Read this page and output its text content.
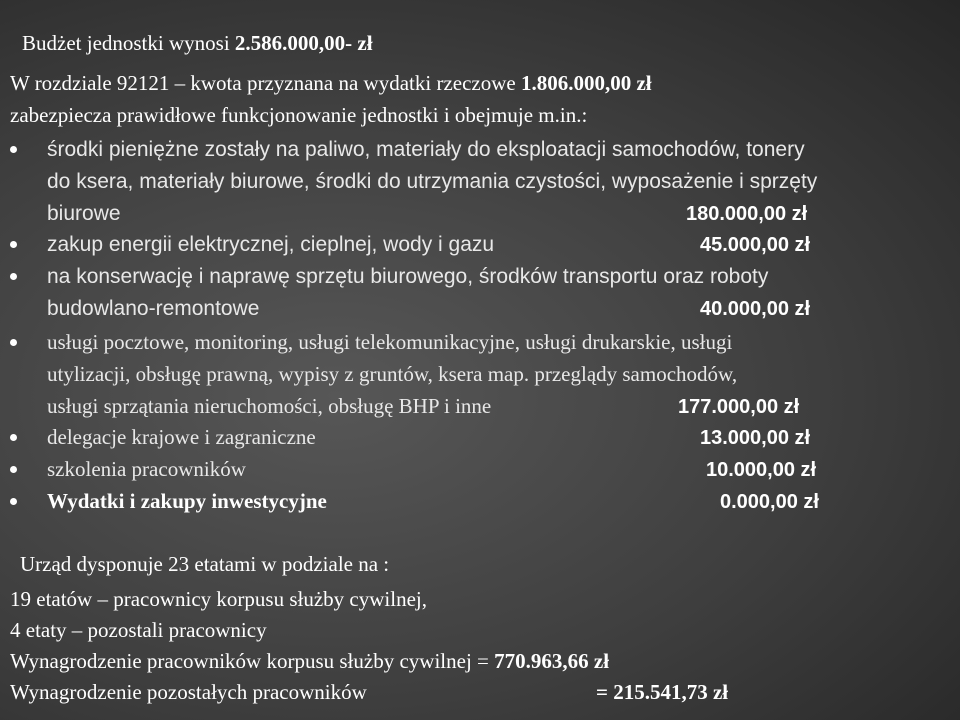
Budżet jednostki wynosi 2.586.000,00- zł
W rozdziale 92121 – kwota przyznana na wydatki rzeczowe 1.806.000,00 zł
zabezpiecza prawidłowe funkcjonowanie jednostki i obejmuje m.in.:
środki pieniężne zostały na paliwo, materiały do eksploatacji samochodów, tonery
do ksera, materiały biurowe, środki do utrzymania czystości, wyposażenie i sprzęty
biurowe	180.000,00 zł
zakup energii elektrycznej, cieplnej, wody i gazu	45.000,00 zł
na konserwację i naprawę sprzętu biurowego, środków transportu oraz roboty
budowlano-remontowe	40.000,00 zł
usługi pocztowe, monitoring, usługi telekomunikacyjne, usługi drukarskie, usługi
utylizacji, obsługę prawną, wypisy z gruntów, ksera map. przeglądy samochodów,
usługi sprzątania nieruchomości, obsługę BHP i inne	177.000,00 zł
delegacje krajowe i zagraniczne	13.000,00 zł
szkolenia pracowników	10.000,00 zł
Wydatki i zakupy inwestycyjne	0.000,00 zł
Urząd dysponuje 23 etatami w podziale na :
19 etatów – pracownicy korpusu służby cywilnej,
4 etaty – pozostali pracownicy
Wynagrodzenie pracowników korpusu służby cywilnej = 770.963,66 zł
Wynagrodzenie pozostałych pracowników	= 215.541,73 zł
